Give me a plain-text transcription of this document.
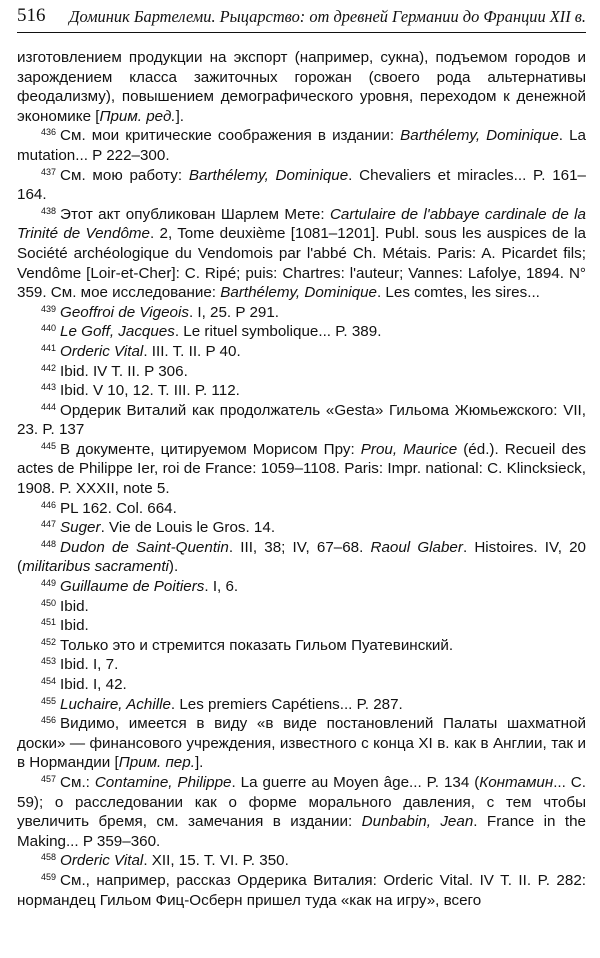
516 Доминик Бартелеми. Рыцарство: от древней Германии до Франции XII в.

изготовлением продукции на экспорт (например, сукна), подъемом городов и зарождением класса зажиточных горожан (своего рода альтернативы феодализму), повышением демографического уровня, переходом к денежной экономике [Прим. ред.].

$^{436}$ См. мои критические соображения в издании: Barthélemy, Dominique. La mutation... P 222–300.

$^{437}$ См. мою работу: Barthélemy, Dominique. Chevaliers et miracles... P. 161–164.

$^{438}$ Этот акт опубликован Шарлем Мете: Cartulaire de l'abbaye cardinale de la Trinité de Vendôme. 2, Tome deuxième [1081–1201]. Publ. sous les auspices de la Société archéologique du Vendomois par l'abbé Ch. Métais. Paris: A. Picardet fils; Vendôme [Loir-et-Cher]: C. Ripé; puis: Chartres: l'auteur; Vannes: Lafolye, 1894. N° 359. См. мое исследование: Barthélemy, Dominique. Les comtes, les sires...

$^{439}$ Geoffroi de Vigeois. I, 25. P 291.

$^{440}$ Le Goff, Jacques. Le rituel symbolique... P. 389.

$^{441}$ Orderic Vital. III. T. II. P 40.

$^{442}$ Ibid. IV T. II. P 306.

$^{443}$ Ibid. V 10, 12. T. III. P. 112.

$^{444}$ Ордерик Виталий как продолжатель «Gesta» Гильома Жюмьежского: VII, 23. P. 137

$^{445}$ В документе, цитируемом Морисом Пру: Prou, Maurice (éd.). Recueil des actes de Philippe Ier, roi de France: 1059–1108. Paris: Impr. national: C. Klincksieck, 1908. P. XXXII, note 5.

$^{446}$ PL 162. Col. 664.

$^{447}$ Suger. Vie de Louis le Gros. 14.

$^{448}$ Dudon de Saint-Quentin. III, 38; IV, 67–68. Raoul Glaber. Histoires. IV, 20 (militaribus sacramenti).

$^{449}$ Guillaume de Poitiers. I, 6.

$^{450}$ Ibid.

$^{451}$ Ibid.

$^{452}$ Только это и стремится показать Гильом Пуатевинский.

$^{453}$ Ibid. I, 7.

$^{454}$ Ibid. I, 42.

$^{455}$ Luchaire, Achille. Les premiers Capétiens... P. 287.

$^{456}$ Видимо, имеется в виду «в виде постановлений Палаты шахматной доски» — финансового учреждения, известного с конца XI в. как в Англии, так и в Нормандии [Прим. пер.].

$^{457}$ См.: Contamine, Philippe. La guerre au Moyen âge... P. 134 (Контамин... С. 59); о расследовании как о форме морального давления, с тем чтобы увеличить бремя, см. замечания в издании: Dunbabin, Jean. France in the Making... P 359–360.

$^{458}$ Orderic Vital. XII, 15. T. VI. P. 350.

$^{459}$ См., например, рассказ Ордерика Виталия: Orderic Vital. IV T. II. P. 282: нормандец Гильом Фиц-Осберн пришел туда «как на игру», всего
